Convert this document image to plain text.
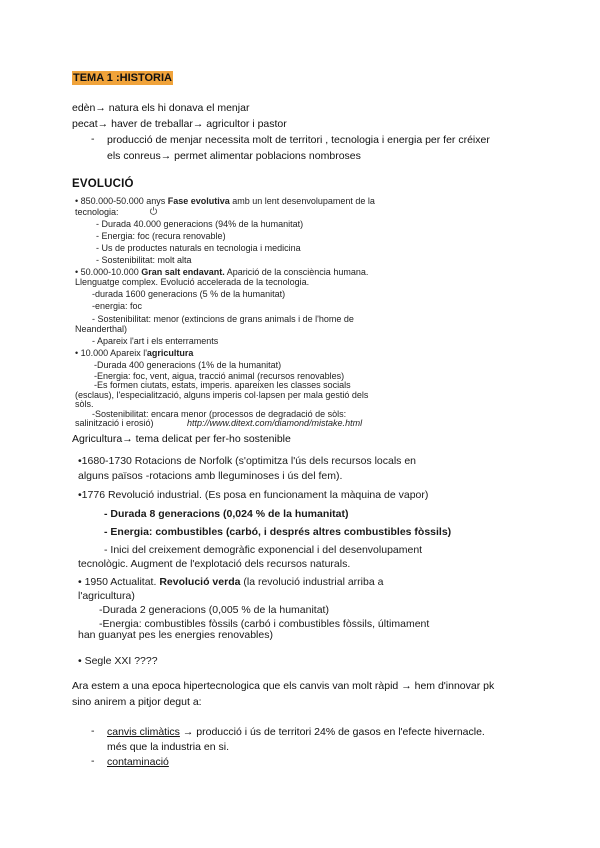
TEMA 1 :HISTORIA
edèn→ natura els hi donava el menjar
pecat→ haver de treballar→ agricultor i pastor
- producció de menjar necessita molt de territori , tecnologia i energia per fer créixer
els conreus→ permet alimentar poblacions nombroses
EVOLUCIÓ
• 850.000-50.000 anys Fase evolutiva amb un lent desenvolupament de la
tecnologia:
- Durada 40.000 generacions (94% de la humanitat)
- Energia: foc (recura renovable)
- Us de productes naturals en tecnologia i medicina
- Sostenibilitat: molt alta
• 50.000-10.000 Gran salt endavant. Aparició de la consciència humana.
Llenguatge complex. Evolució accelerada de la tecnologia.
-durada 1600 generacions (5 % de la humanitat)
-energia: foc
- Sostenibilitat: menor (extincions de grans animals i de l'home de
Neanderthal)
- Apareix l'art i els enterraments
• 10.000 Apareix l'agricultura
-Durada 400 generacions (1% de la humanitat)
-Energia: foc, vent, aigua, tracció animal (recursos renovables)
-Es formen ciutats, estats, imperis. apareixen les classes socials
(esclaus), l'especialització, alguns imperis col·lapsen per mala gestió dels
sòls.
-Sostenibilitat: encara menor (processos de degradació de sòls:
salinització i erosió)	http://www.ditext.com/diamond/mistake.html
Agricultura→ tema delicat per fer-ho sostenible
•1680-1730 Rotacions de Norfolk (s'optimitza l'ús dels recursos locals en
alguns països -rotacions amb lleguminoses i ús del fem).
•1776 Revolució industrial. (Es posa en funcionament la màquina de vapor)
- Durada 8 generacions (0,024 % de la humanitat)
- Energia: combustibles (carbó, i després altres combustibles fòssils)
- Inici del creixement demogràfic exponencial i del desenvolupament
tecnològic. Augment de l'explotació dels recursos naturals.
• 1950 Actualitat. Revolució verda (la revolució industrial arriba a
l'agricultura)
-Durada 2 generacions (0,005 % de la humanitat)
-Energia: combustibles fòssils (carbó i combustibles fòssils, últimament
han guanyat pes les energies renovables)
• Segle XXI ????
Ara estem a una epoca hipertecnologica que els canvis van molt ràpid → hem d'innovar pk
sino anirem a pitjor degut a:
- canvis climàtics → producció i ús de territori 24% de gasos en l'efecte hivernacle.
més que la industria en si.
- contaminació
